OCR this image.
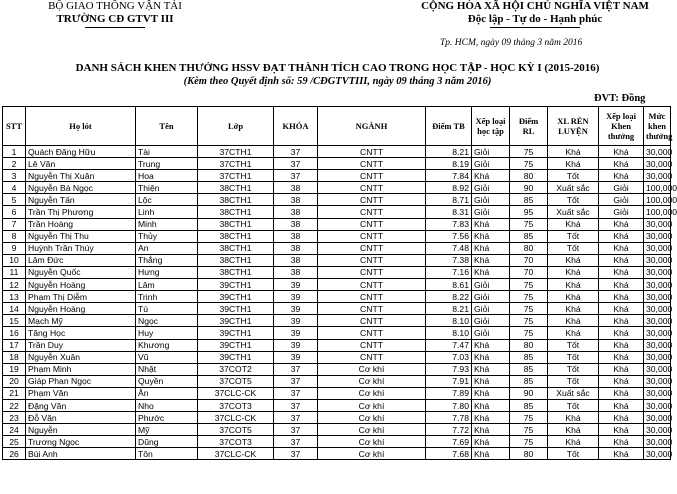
BỘ GIAO THÔNG VẬN TẢI
TRƯỜNG CĐ GTVT III
CỘNG HÒA XÃ HỘI CHỦ NGHĨA VIỆT NAM
Độc lập - Tự do - Hạnh phúc
Tp. HCM, ngày 09 tháng 3 năm 2016
DANH SÁCH KHEN THƯỞNG HSSV ĐẠT THÀNH TÍCH CAO TRONG HỌC TẬP - HỌC KỲ I (2015-2016)
(Kèm theo Quyết định số: 59 /CĐGTVTIII, ngày 09 tháng 3 năm 2016)
ĐVT: Đồng
STT	Họ lót	Tên	Lớp	KHÓA	NGÀNH	Điểm TB	Xếp loại học tập	Điểm RL	XL RÈN LUYỆN	Xếp loại Khen thưởng	Mức khen thưởng
1	Quách Đăng Hữu	Tài	37CTH1	37	CNTT	8.21	Giỏi	75	Khá	Khá	30,000
2	Lê Văn	Trung	37CTH1	37	CNTT	8.19	Giỏi	75	Khá	Khá	30,000
3	Nguyễn Thị Xuân	Hoa	37CTH1	37	CNTT	7.84	Khá	80	Tốt	Khá	30,000
4	Nguyễn Bá Ngọc	Thiện	38CTH1	38	CNTT	8.92	Giỏi	90	Xuất sắc	Giỏi	100,000
5	Nguyễn Tấn	Lộc	38CTH1	38	CNTT	8.71	Giỏi	85	Tốt	Giỏi	100,000
6	Trần Thị Phương	Linh	38CTH1	38	CNTT	8.31	Giỏi	95	Xuất sắc	Giỏi	100,000
7	Trần Hoàng	Minh	38CTH1	38	CNTT	7.83	Khá	75	Khá	Khá	30,000
8	Nguyễn Thị Thu	Thủy	38CTH1	38	CNTT	7.56	Khá	85	Tốt	Khá	30,000
9	Huỳnh Trần Thúy	An	38CTH1	38	CNTT	7.48	Khá	80	Tốt	Khá	30,000
10	Lâm Đức	Thắng	38CTH1	38	CNTT	7.38	Khá	70	Khá	Khá	30,000
11	Nguyễn Quốc	Hưng	38CTH1	38	CNTT	7.16	Khá	70	Khá	Khá	30,000
12	Nguyễn Hoàng	Lâm	39CTH1	39	CNTT	8.61	Giỏi	75	Khá	Khá	30,000
13	Phạm Thị Diễm	Trinh	39CTH1	39	CNTT	8.22	Giỏi	75	Khá	Khá	30,000
14	Nguyễn Hoàng	Tú	39CTH1	39	CNTT	8.21	Giỏi	75	Khá	Khá	30,000
15	Mạch Mỹ	Ngọc	39CTH1	39	CNTT	8.10	Giỏi	75	Khá	Khá	30,000
16	Tăng Học	Huy	39CTH1	39	CNTT	8.10	Giỏi	75	Khá	Khá	30,000
17	Trần Duy	Khương	39CTH1	39	CNTT	7.47	Khá	80	Tốt	Khá	30,000
18	Nguyễn Xuân	Vũ	39CTH1	39	CNTT	7.03	Khá	85	Tốt	Khá	30,000
19	Phạm Minh	Nhật	37COT2	37	Cơ khí	7.93	Khá	85	Tốt	Khá	30,000
20	Giáp Phan Ngọc	Quyền	37COT5	37	Cơ khí	7.91	Khá	85	Tốt	Khá	30,000
21	Phạm Văn	Ân	37CLC-CK	37	Cơ khí	7.89	Khá	90	Xuất sắc	Khá	30,000
22	Đặng Văn	Nho	37COT3	37	Cơ khí	7.80	Khá	85	Tốt	Khá	30,000
23	Đỗ Văn	Phước	37CLC-CK	37	Cơ khí	7.78	Khá	75	Khá	Khá	30,000
24	Nguyễn	Mỹ	37COT5	37	Cơ khí	7.72	Khá	75	Khá	Khá	30,000
25	Trương Ngọc	Dũng	37COT3	37	Cơ khí	7.69	Khá	75	Khá	Khá	30,000
26	Bùi Anh	Tôn	37CLC-CK	37	Cơ khí	7.68	Khá	80	Tốt	Khá	30,000
